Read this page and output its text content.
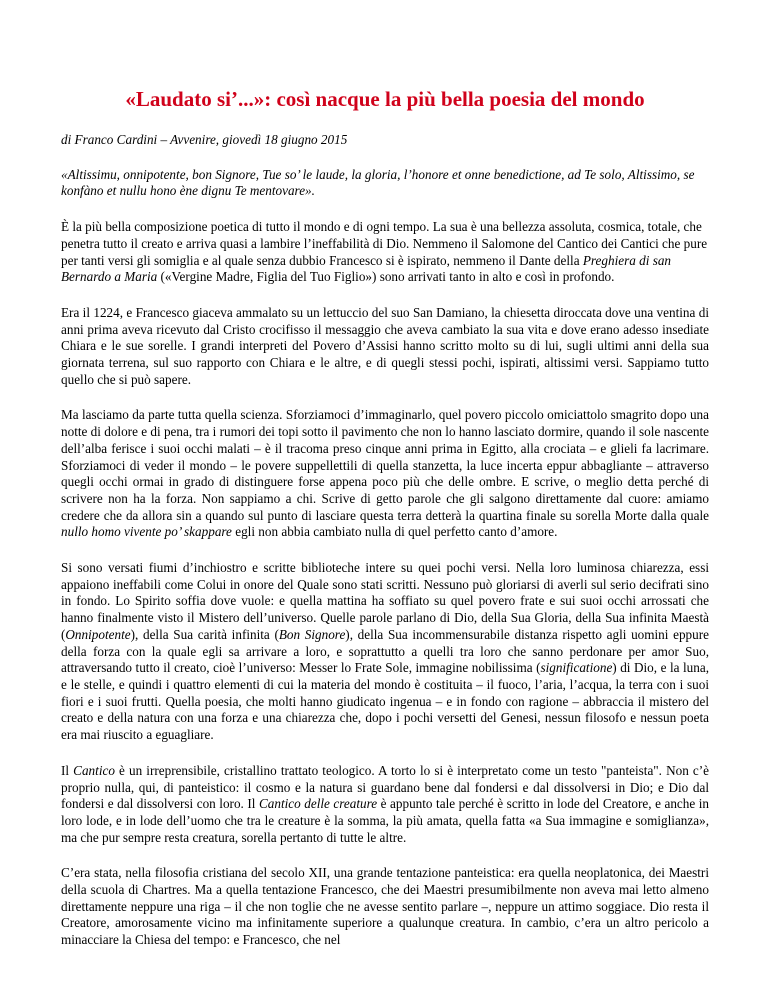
«Laudato si’...»: così nacque la più bella poesia del mondo

di Franco Cardini – Avvenire, giovedì 18 giugno 2015

«Altissimu, onnipotente, bon Signore, Tue so’ le laude, la gloria, l’honore et onne benedictione, ad Te solo, Altissimo, se konfàno et nullu hono ène dignu Te mentovare».

È la più bella composizione poetica di tutto il mondo e di ogni tempo. La sua è una bellezza assoluta, cosmica, totale, che penetra tutto il creato e arriva quasi a lambire l’ineffabilità di Dio. Nemmeno il Salomone del Cantico dei Cantici che pure per tanti versi gli somiglia e al quale senza dubbio Francesco si è ispirato, nemmeno il Dante della Preghiera di san Bernardo a Maria («Vergine Madre, Figlia del Tuo Figlio») sono arrivati tanto in alto e così in profondo.

Era il 1224, e Francesco giaceva ammalato su un lettuccio del suo San Damiano, la chiesetta diroccata dove una ventina di anni prima aveva ricevuto dal Cristo crocifisso il messaggio che aveva cambiato la sua vita e dove erano adesso insediate Chiara e le sue sorelle. I grandi interpreti del Povero d’Assisi hanno scritto molto su di lui, sugli ultimi anni della sua giornata terrena, sul suo rapporto con Chiara e le altre, e di quegli stessi pochi, ispirati, altissimi versi. Sappiamo tutto quello che si può sapere.

Ma lasciamo da parte tutta quella scienza. Sforziamoci d’immaginarlo, quel povero piccolo omiciattolo smagrito dopo una notte di dolore e di pena, tra i rumori dei topi sotto il pavimento che non lo hanno lasciato dormire, quando il sole nascente dell’alba ferisce i suoi occhi malati – è il tracoma preso cinque anni prima in Egitto, alla crociata – e glieli fa lacrimare. Sforziamoci di veder il mondo – le povere suppellettili di quella stanzetta, la luce incerta eppur abbagliante – attraverso quegli occhi ormai in grado di distinguere forse appena poco più che delle ombre. E scrive, o meglio detta perché di scrivere non ha la forza. Non sappiamo a chi. Scrive di getto parole che gli salgono direttamente dal cuore: amiamo credere che da allora sin a quando sul punto di lasciare questa terra detterà la quartina finale su sorella Morte dalla quale nullo homo vivente po’ skappare egli non abbia cambiato nulla di quel perfetto canto d’amore.

Si sono versati fiumi d’inchiostro e scritte biblioteche intere su quei pochi versi. Nella loro luminosa chiarezza, essi appaiono ineffabili come Colui in onore del Quale sono stati scritti. Nessuno può gloriarsi di averli sul serio decifrati sino in fondo. Lo Spirito soffia dove vuole: e quella mattina ha soffiato su quel povero frate e sui suoi occhi arrossati che hanno finalmente visto il Mistero dell’universo. Quelle parole parlano di Dio, della Sua Gloria, della Sua infinita Maestà (Onnipotente), della Sua carità infinita (Bon Signore), della Sua incommensurabile distanza rispetto agli uomini eppure della forza con la quale egli sa arrivare a loro, e soprattutto a quelli tra loro che sanno perdonare per amor Suo, attraversando tutto il creato, cioè l’universo: Messer lo Frate Sole, immagine nobilissima (significatione) di Dio, e la luna, e le stelle, e quindi i quattro elementi di cui la materia del mondo è costituita – il fuoco, l’aria, l’acqua, la terra con i suoi fiori e i suoi frutti. Quella poesia, che molti hanno giudicato ingenua – e in fondo con ragione – abbraccia il mistero del creato e della natura con una forza e una chiarezza che, dopo i pochi versetti del Genesi, nessun filosofo e nessun poeta era mai riuscito a eguagliare.

Il Cantico è un irreprensibile, cristallino trattato teologico. A torto lo si è interpretato come un testo "panteista". Non c’è proprio nulla, qui, di panteistico: il cosmo e la natura si guardano bene dal fondersi e dal dissolversi in Dio; e Dio dal fondersi e dal dissolversi con loro. Il Cantico delle creature è appunto tale perché è scritto in lode del Creatore, e anche in loro lode, e in lode dell’uomo che tra le creature è la somma, la più amata, quella fatta «a Sua immagine e somiglianza», ma che pur sempre resta creatura, sorella pertanto di tutte le altre.

C’era stata, nella filosofia cristiana del secolo XII, una grande tentazione panteistica: era quella neoplatonica, dei Maestri della scuola di Chartres. Ma a quella tentazione Francesco, che dei Maestri presumibilmente non aveva mai letto almeno direttamente neppure una riga – il che non toglie che ne avesse sentito parlare –, neppure un attimo soggiace. Dio resta il Creatore, amorosamente vicino ma infinitamente superiore a qualunque creatura. In cambio, c’era un altro pericolo a minacciare la Chiesa del tempo: e Francesco, che nel
